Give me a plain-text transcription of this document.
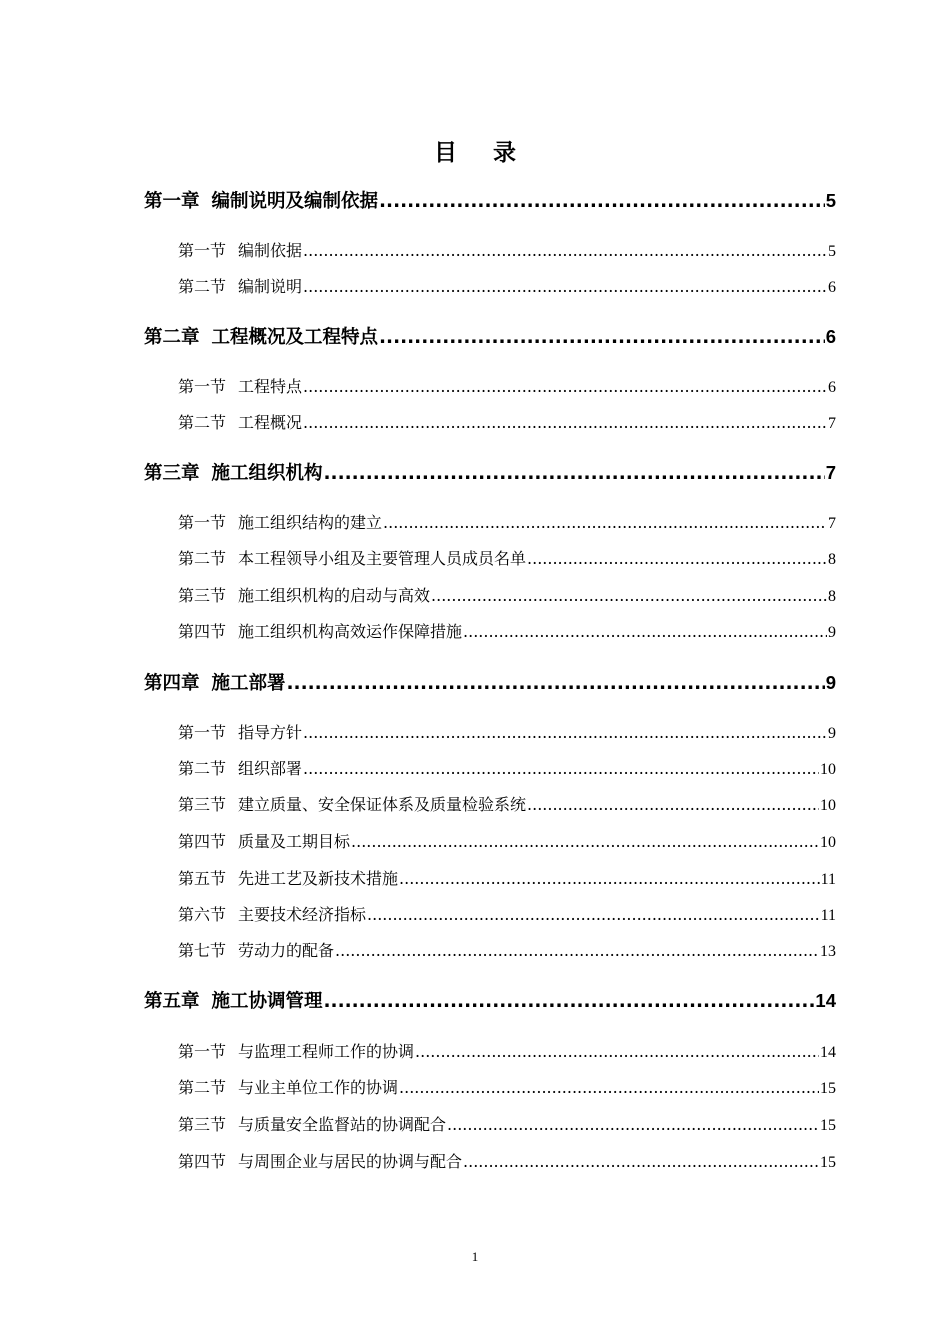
目 录
第一章 编制说明及编制依据 .....	5
第一节 编制依据 .....	5
第二节 编制说明 .....	6
第二章 工程概况及工程特点 .....	6
第一节 工程特点 .....	6
第二节 工程概况 .....	7
第三章 施工组织机构 .....	7
第一节 施工组织结构的建立 .....	7
第二节 本工程领导小组及主要管理人员成员名单 .....	8
第三节 施工组织机构的启动与高效 .....	8
第四节 施工组织机构高效运作保障措施 .....	9
第四章 施工部署 .....	9
第一节 指导方针 .....	9
第二节 组织部署 .....	10
第三节 建立质量、安全保证体系及质量检验系统 .....	10
第四节 质量及工期目标 .....	10
第五节 先进工艺及新技术措施 .....	11
第六节 主要技术经济指标 .....	11
第七节 劳动力的配备 .....	13
第五章 施工协调管理 .....	14
第一节 与监理工程师工作的协调 .....	14
第二节 与业主单位工作的协调 .....	15
第三节 与质量安全监督站的协调配合 .....	15
第四节 与周围企业与居民的协调与配合 .....	15
1
